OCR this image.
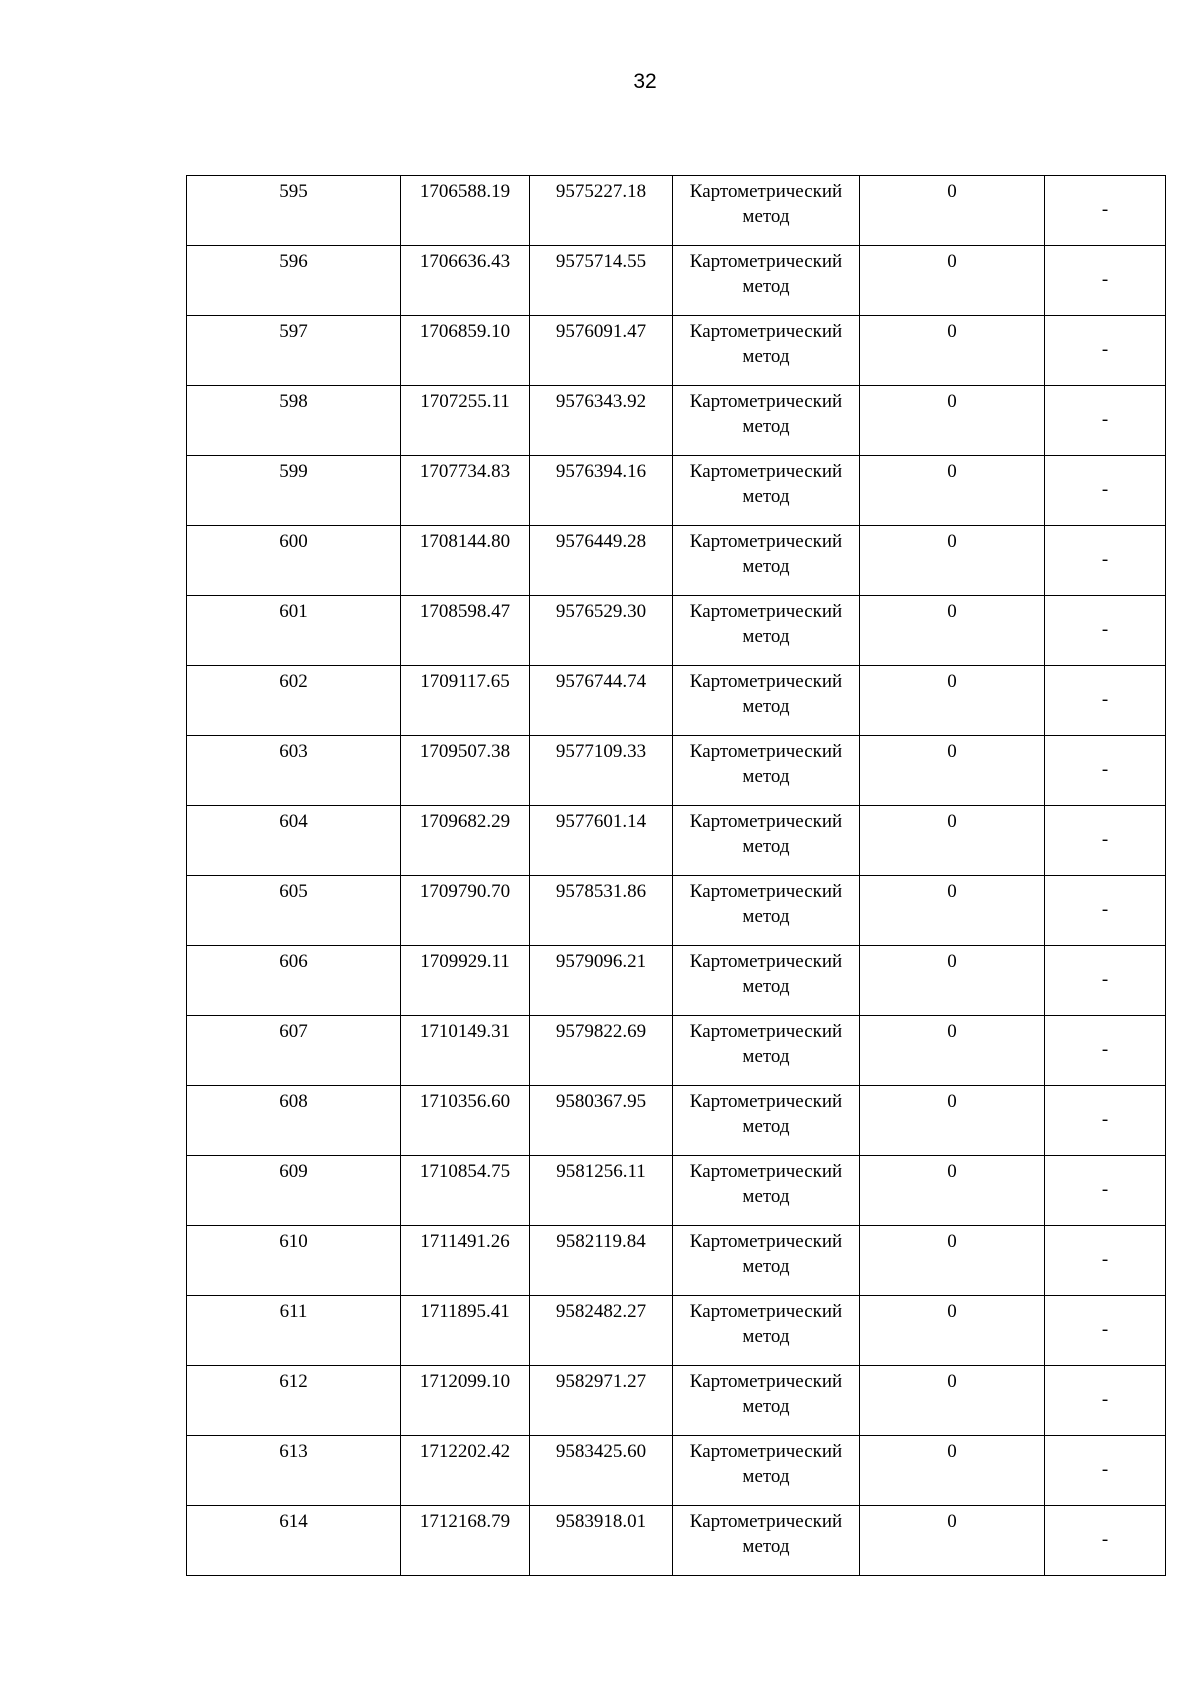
32
595	1706588.19	9575227.18	Картометрический метод	0	-

596	1706636.43	9575714.55	Картометрический метод	0	-

597	1706859.10	9576091.47	Картометрический метод	0	-

598	1707255.11	9576343.92	Картометрический метод	0	-

599	1707734.83	9576394.16	Картометрический метод	0	-

600	1708144.80	9576449.28	Картометрический метод	0	-

601	1708598.47	9576529.30	Картометрический метод	0	-

602	1709117.65	9576744.74	Картометрический метод	0	-

603	1709507.38	9577109.33	Картометрический метод	0	-

604	1709682.29	9577601.14	Картометрический метод	0	-

605	1709790.70	9578531.86	Картометрический метод	0	-

606	1709929.11	9579096.21	Картометрический метод	0	-

607	1710149.31	9579822.69	Картометрический метод	0	-

608	1710356.60	9580367.95	Картометрический метод	0	-

609	1710854.75	9581256.11	Картометрический метод	0	-

610	1711491.26	9582119.84	Картометрический метод	0	-

611	1711895.41	9582482.27	Картометрический метод	0	-

612	1712099.10	9582971.27	Картометрический метод	0	-

613	1712202.42	9583425.60	Картометрический метод	0	-

614	1712168.79	9583918.01	Картометрический метод	0	-
